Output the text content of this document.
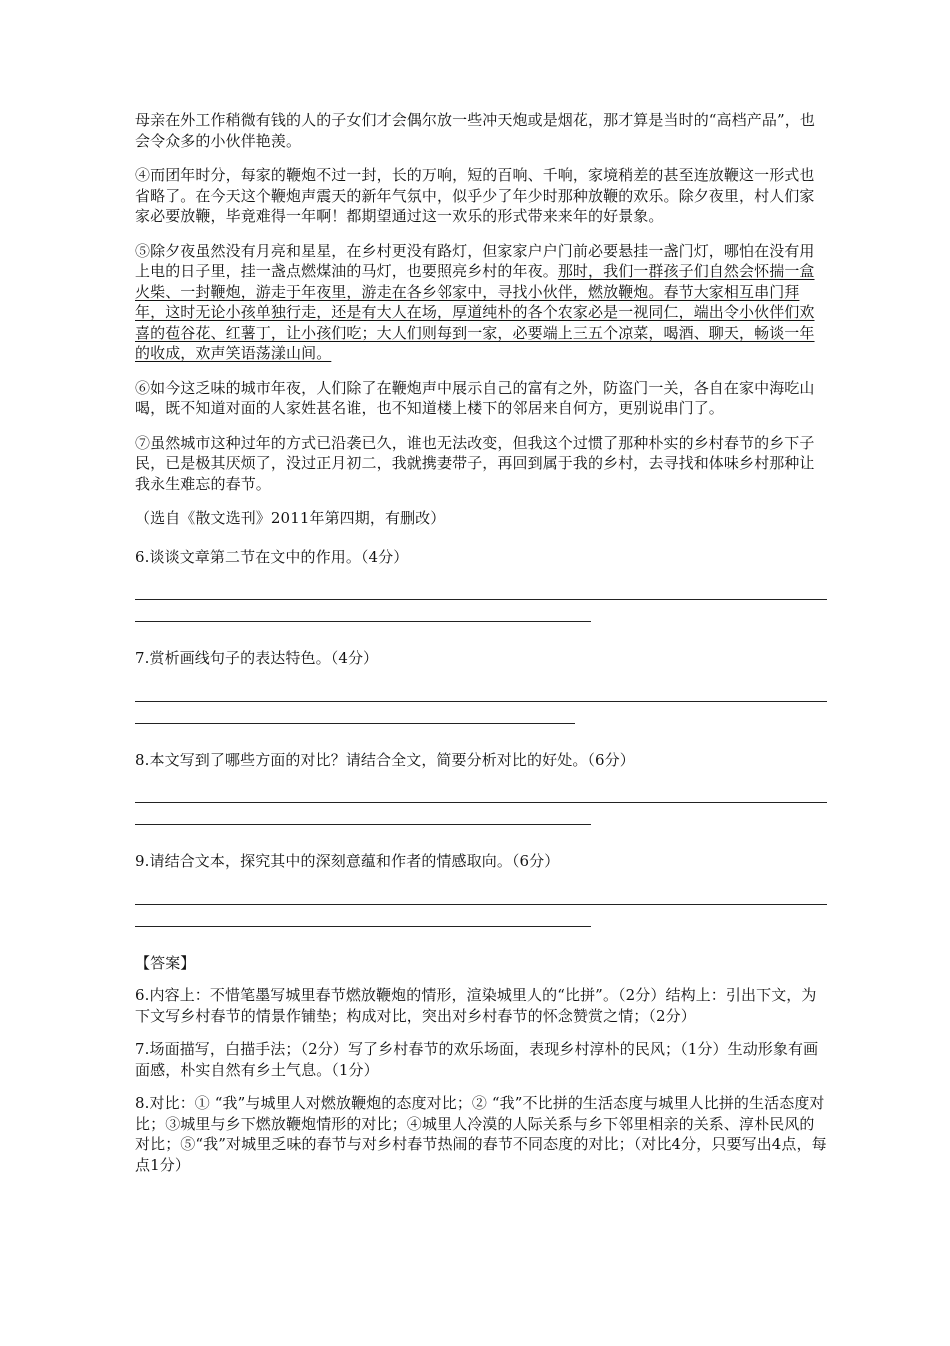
母亲在外工作稍微有钱的人的子女们才会偶尔放一些冲天炮或是烟花，那才算是当时的“高档产品”，也会令众多的小伙伴艳羡。

④而团年时分，每家的鞭炮不过一封，长的万响，短的百响、千响，家境稍差的甚至连放鞭这一形式也省略了。在今天这个鞭炮声震天的新年气氛中，似乎少了年少时那种放鞭的欢乐。除夕夜里，村人们家家必要放鞭，毕竟难得一年啊！都期望通过这一欢乐的形式带来来年的好景象。

⑤除夕夜虽然没有月亮和星星，在乡村更没有路灯，但家家户户门前必要悬挂一盏门灯，哪怕在没有用上电的日子里，挂一盏点燃煤油的马灯，也要照亮乡村的年夜。那时，我们一群孩子们自然会怀揣一盒火柴、一封鞭炮，游走于年夜里，游走在各乡邻家中，寻找小伙伴，燃放鞭炮。春节大家相互串门拜年，这时无论小孩单独行走，还是有大人在场，厚道纯朴的各个农家必是一视同仁，端出令小伙伴们欢喜的苞谷花、红薯丁，让小孩们吃；大人们则每到一家，必要端上三五个凉菜，喝酒、聊天，畅谈一年的收成，欢声笑语荡漾山间。

⑥如今这乏味的城市年夜，人们除了在鞭炮声中展示自己的富有之外，防盗门一关，各自在家中海吃山喝，既不知道对面的人家姓甚名谁，也不知道楼上楼下的邻居来自何方，更别说串门了。

⑦虽然城市这种过年的方式已沿袭已久，谁也无法改变，但我这个过惯了那种朴实的乡村春节的乡下子民，已是极其厌烦了，没过正月初二，我就携妻带子，再回到属于我的乡村，去寻找和体味乡村那种让我永生难忘的春节。

（选自《散文选刊》2011年第四期，有删改）

6.谈谈文章第二节在文中的作用。（4分）

7.赏析画线句子的表达特色。（4分）

8.本文写到了哪些方面的对比？请结合全文，简要分析对比的好处。（6分）

9.请结合文本，探究其中的深刻意蕴和作者的情感取向。（6分）

【答案】

6.内容上：不惜笔墨写城里春节燃放鞭炮的情形，渲染城里人的“比拼”。（2分）结构上：引出下文，为下文写乡村春节的情景作铺垫；构成对比，突出对乡村春节的怀念赞赏之情；（2分）

7.场面描写，白描手法；（2分）写了乡村春节的欢乐场面，表现乡村淳朴的民风；（1分）生动形象有画面感，朴实自然有乡土气息。（1分）

8.对比：① “我”与城里人对燃放鞭炮的态度对比；② “我”不比拼的生活态度与城里人比拼的生活态度对比；③城里与乡下燃放鞭炮情形的对比；④城里人冷漠的人际关系与乡下邻里相亲的关系、淳朴民风的对比；⑤“我”对城里乏味的春节与对乡村春节热闹的春节不同态度的对比；（对比4分，只要写出4点，每点1分）
